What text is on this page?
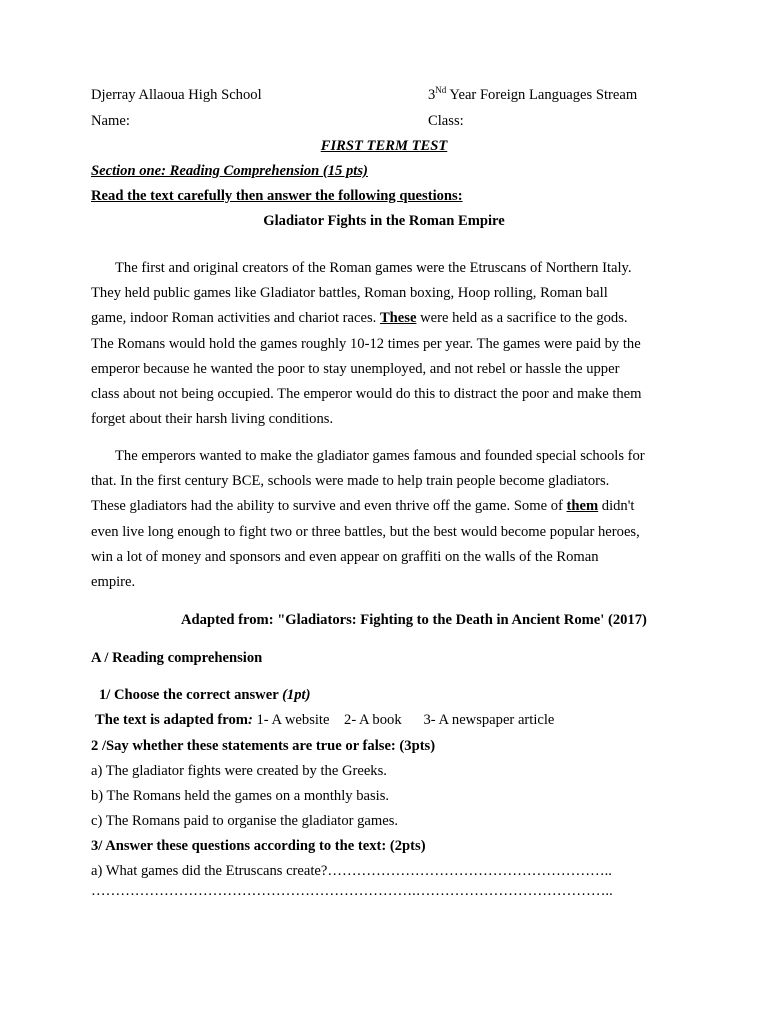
Djerray Allaoua High School	3Nd Year Foreign Languages Stream
Name:	Class:
FIRST TERM TEST
Section one: Reading Comprehension (15 pts)
Read the text carefully then answer the following questions:
Gladiator Fights in the Roman Empire
The first and original creators of the Roman games were the Etruscans of Northern Italy.
They held public games like Gladiator battles, Roman boxing, Hoop rolling, Roman ball
game, indoor Roman activities and chariot races. These were held as a sacrifice to the gods.
The Romans would hold the games roughly 10-12 times per year. The games were paid by the
emperor because he wanted the poor to stay unemployed, and not rebel or hassle the upper
class about not being occupied. The emperor would do this to distract the poor and make them
forget about their harsh living conditions.
The emperors wanted to make the gladiator games famous and founded special schools for
that. In the first century BCE, schools were made to help train people become gladiators.
These gladiators had the ability to survive and even thrive off the game. Some of them didn't
even live long enough to fight two or three battles, but the best would become popular heroes,
win a lot of money and sponsors and even appear on graffiti on the walls of the Roman
empire.
Adapted from: "Gladiators: Fighting to the Death in Ancient Rome' (2017)
A / Reading comprehension
1/ Choose the correct answer (1pt)
The text is adapted from: 1- A website    2- A book      3- A newspaper article
2 /Say whether these statements are true or false: (3pts)
a) The gladiator fights were created by the Greeks.
b) The Romans held the games on a monthly basis.
c) The Romans paid to organise the gladiator games.
3/ Answer these questions according to the text: (2pts)
a) What games did the Etruscans create?…………………………………………………..
………………………………………………………….…………………………………..
